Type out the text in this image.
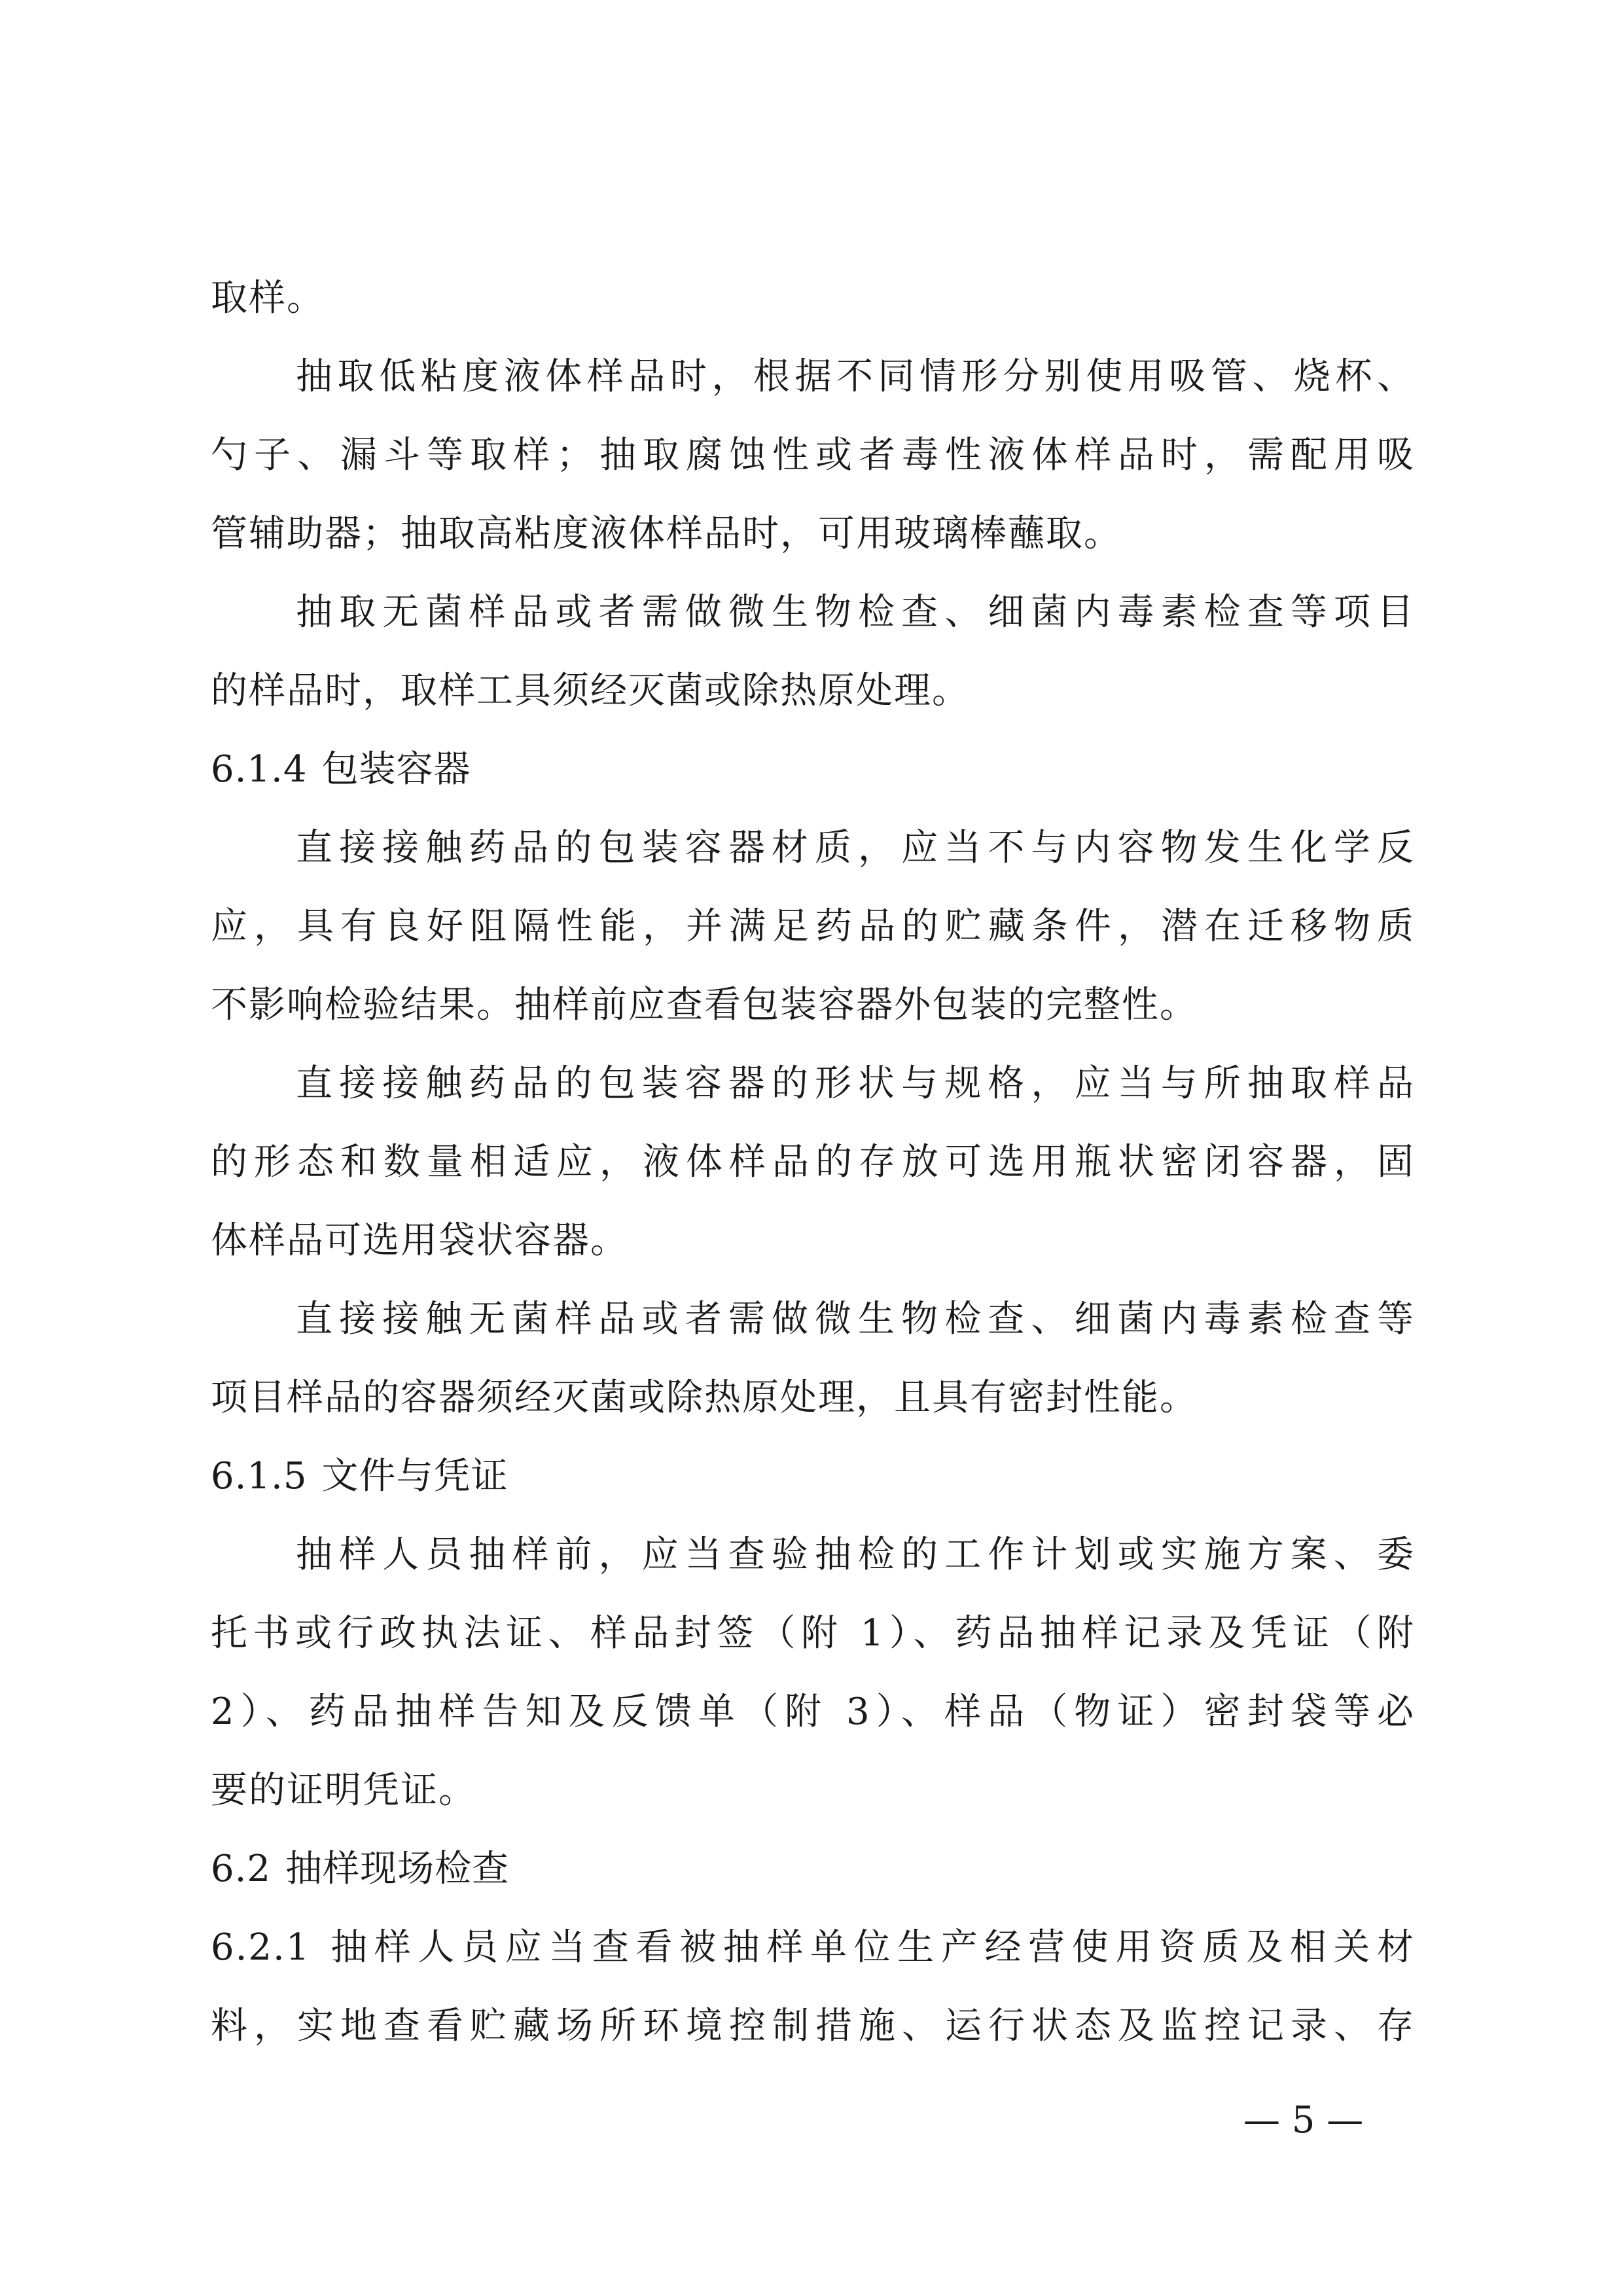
取样。
抽取低粘度液体样品时，根据不同情形分别使用吸管、烧杯、
勺子、漏斗等取样；抽取腐蚀性或者毒性液体样品时，需配用吸
管辅助器；抽取高粘度液体样品时，可用玻璃棒蘸取。
抽取无菌样品或者需做微生物检查、细菌内毒素检查等项目
的样品时，取样工具须经灭菌或除热原处理。
6.1.4 包装容器
直接接触药品的包装容器材质，应当不与内容物发生化学反
应，具有良好阻隔性能，并满足药品的贮藏条件，潜在迁移物质
不影响检验结果。抽样前应查看包装容器外包装的完整性。
直接接触药品的包装容器的形状与规格，应当与所抽取样品
的形态和数量相适应，液体样品的存放可选用瓶状密闭容器，固
体样品可选用袋状容器。
直接接触无菌样品或者需做微生物检查、细菌内毒素检查等
项目样品的容器须经灭菌或除热原处理，且具有密封性能。
6.1.5 文件与凭证
抽样人员抽样前，应当查验抽检的工作计划或实施方案、委
托书或行政执法证、样品封签（附 1）、药品抽样记录及凭证（附
2）、药品抽样告知及反馈单（附 3）、样品（物证）密封袋等必
要的证明凭证。
6.2 抽样现场检查
6.2.1 抽样人员应当查看被抽样单位生产经营使用资质及相关材
料，实地查看贮藏场所环境控制措施、运行状态及监控记录、存
— 5 —
